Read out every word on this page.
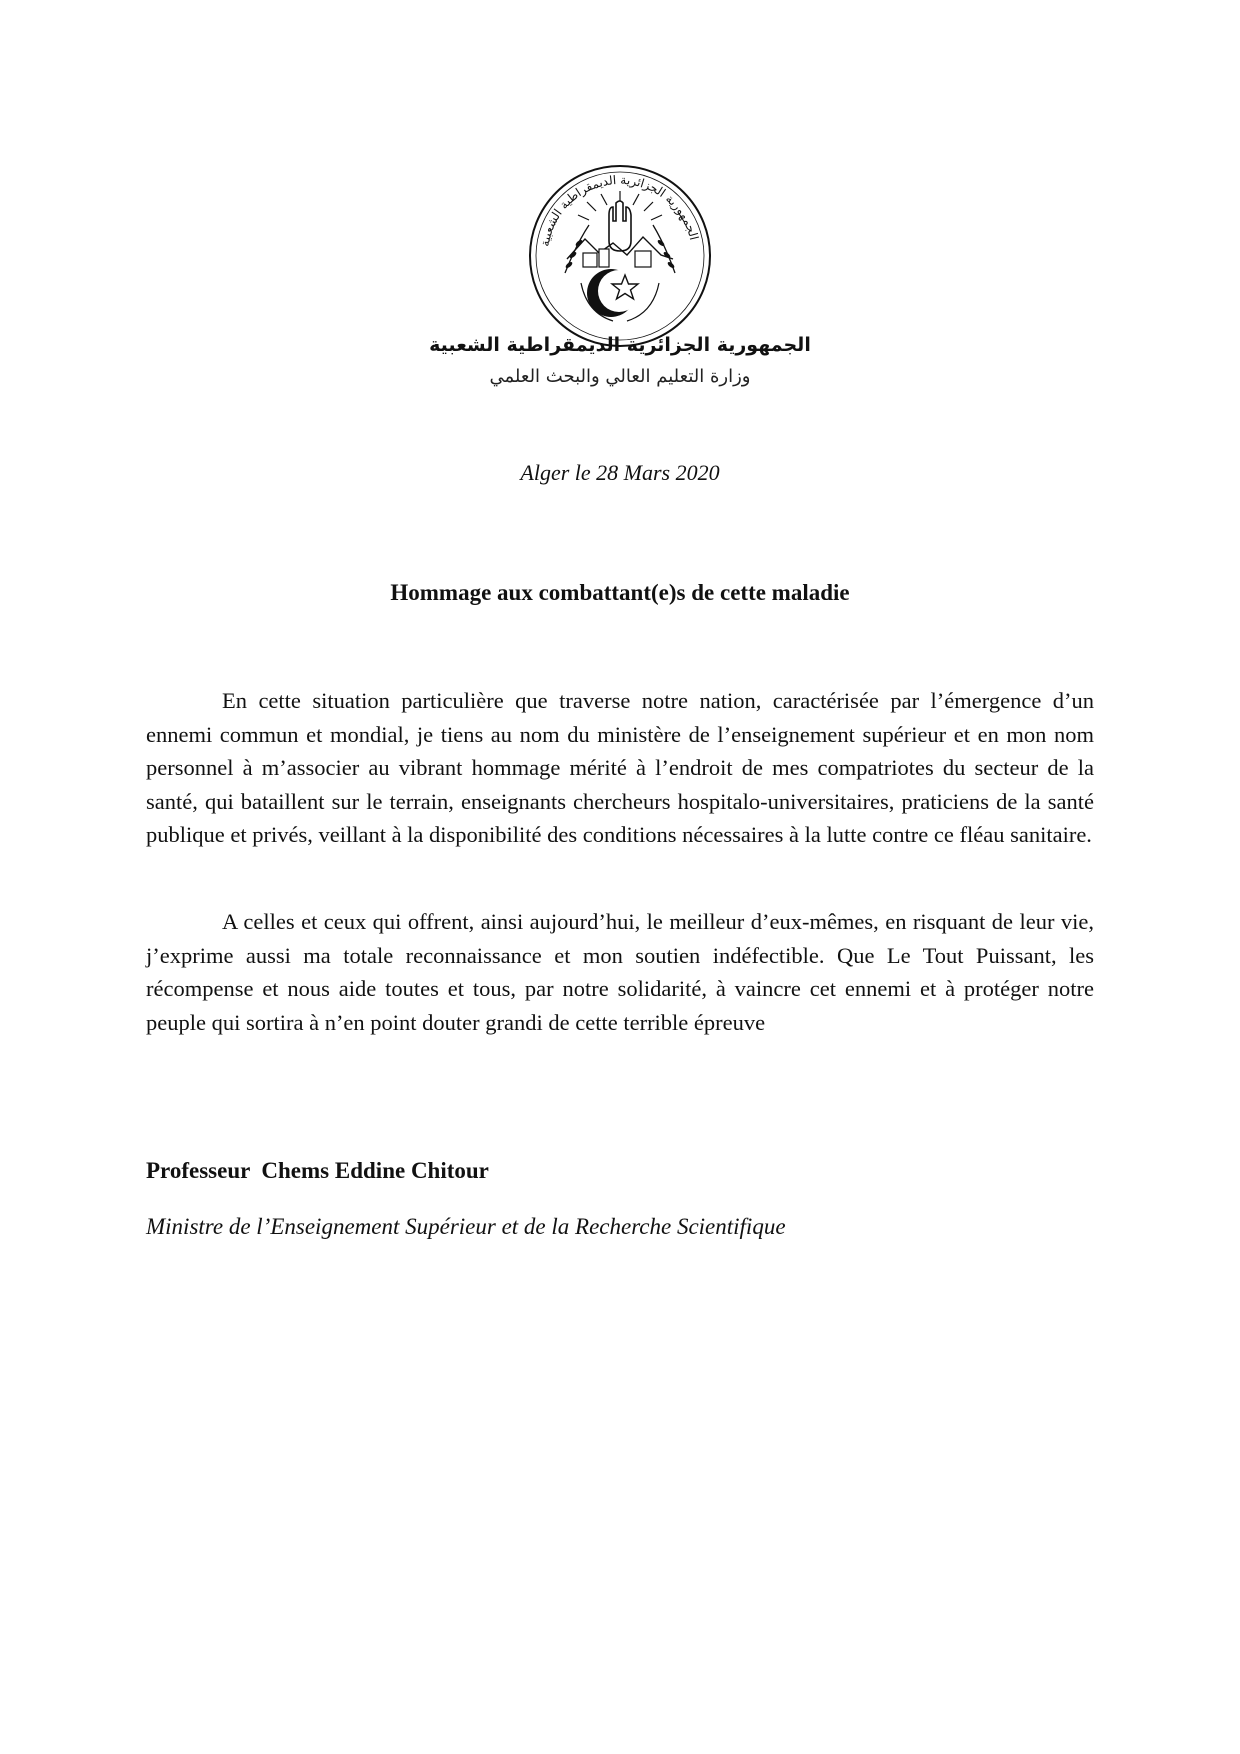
الجمهورية الجزائرية الديمقراطية الشعبية
الجمهورية الجزائرية الديمقراطية الشعبية
وزارة التعليم العالي والبحث العلمي
Alger le 28 Mars 2020
Hommage aux combattant(e)s de cette maladie

En cette situation particulière que traverse notre nation, caractérisée par l’émergence d’un ennemi commun et mondial, je tiens au nom du ministère de l’enseignement supérieur et en mon nom personnel à m’associer au vibrant hommage mérité à l’endroit de mes compatriotes du secteur de la santé, qui bataillent sur le terrain, enseignants chercheurs hospitalo-universitaires, praticiens de la santé publique et privés, veillant à la disponibilité des conditions nécessaires à la lutte contre ce fléau sanitaire.

A celles et ceux qui offrent, ainsi aujourd’hui, le meilleur d’eux-mêmes, en risquant de leur vie, j’exprime aussi ma totale reconnaissance et mon soutien indéfectible. Que Le Tout Puissant, les récompense et nous aide toutes et tous, par notre solidarité, à vaincre cet ennemi et à protéger notre peuple qui sortira à n’en point douter grandi de cette terrible épreuve

Professeur  Chems Eddine Chitour
Ministre de l’Enseignement Supérieur et de la Recherche Scientifique
